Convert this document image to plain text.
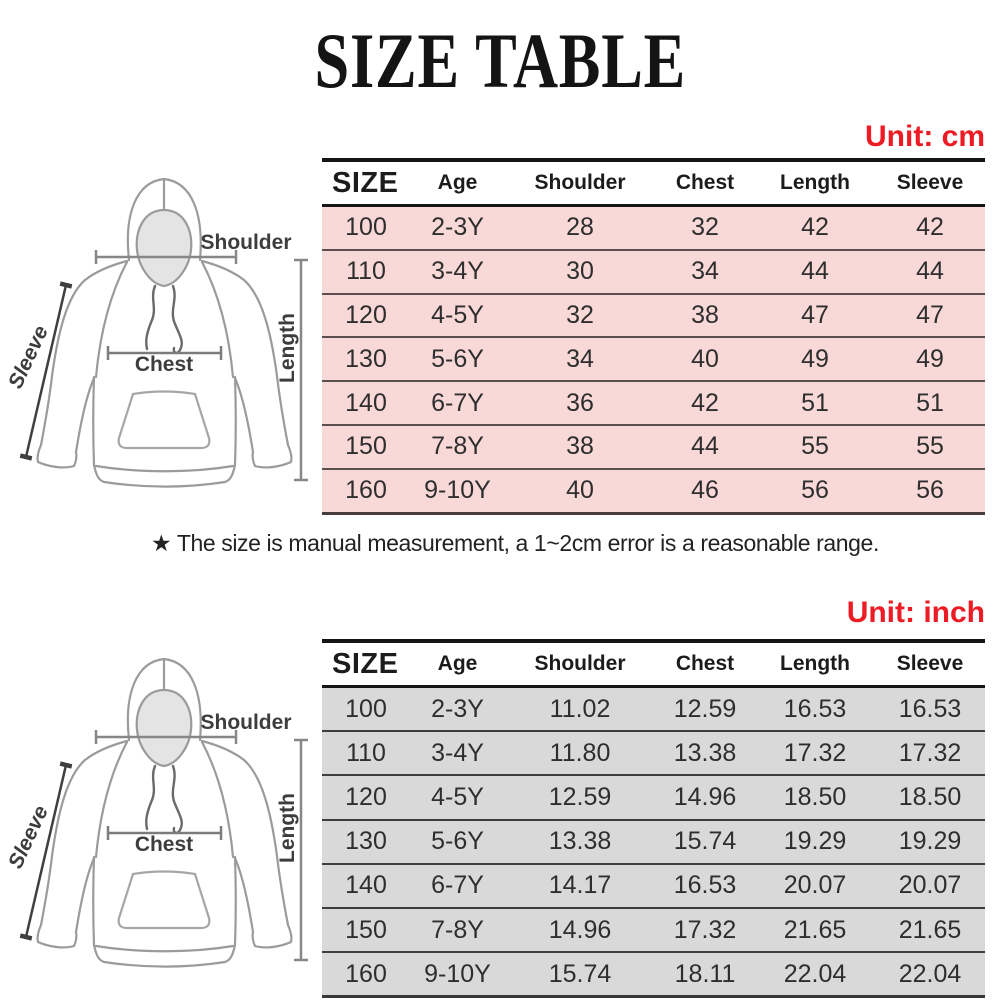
SIZE TABLE
Unit: cm
SIZE	Age	Shoulder	Chest	Length	Sleeve
100	2-3Y	28	32	42	42
110	3-4Y	30	34	44	44
120	4-5Y	32	38	47	47
130	5-6Y	34	40	49	49
140	6-7Y	36	42	51	51
150	7-8Y	38	44	55	55
160	9-10Y	40	46	56	56

★ The size is manual measurement, a 1~2cm error is a reasonable range.

Unit: inch
SIZE	Age	Shoulder	Chest	Length	Sleeve
100	2-3Y	11.02	12.59	16.53	16.53
110	3-4Y	11.80	13.38	17.32	17.32
120	4-5Y	12.59	14.96	18.50	18.50
130	5-6Y	13.38	15.74	19.29	19.29
140	6-7Y	14.17	16.53	20.07	20.07
150	7-8Y	14.96	17.32	21.65	21.65
160	9-10Y	15.74	18.11	22.04	22.04
Shoulder
Sleeve	Chest	Length
Shoulder
Sleeve	Chest	Length
